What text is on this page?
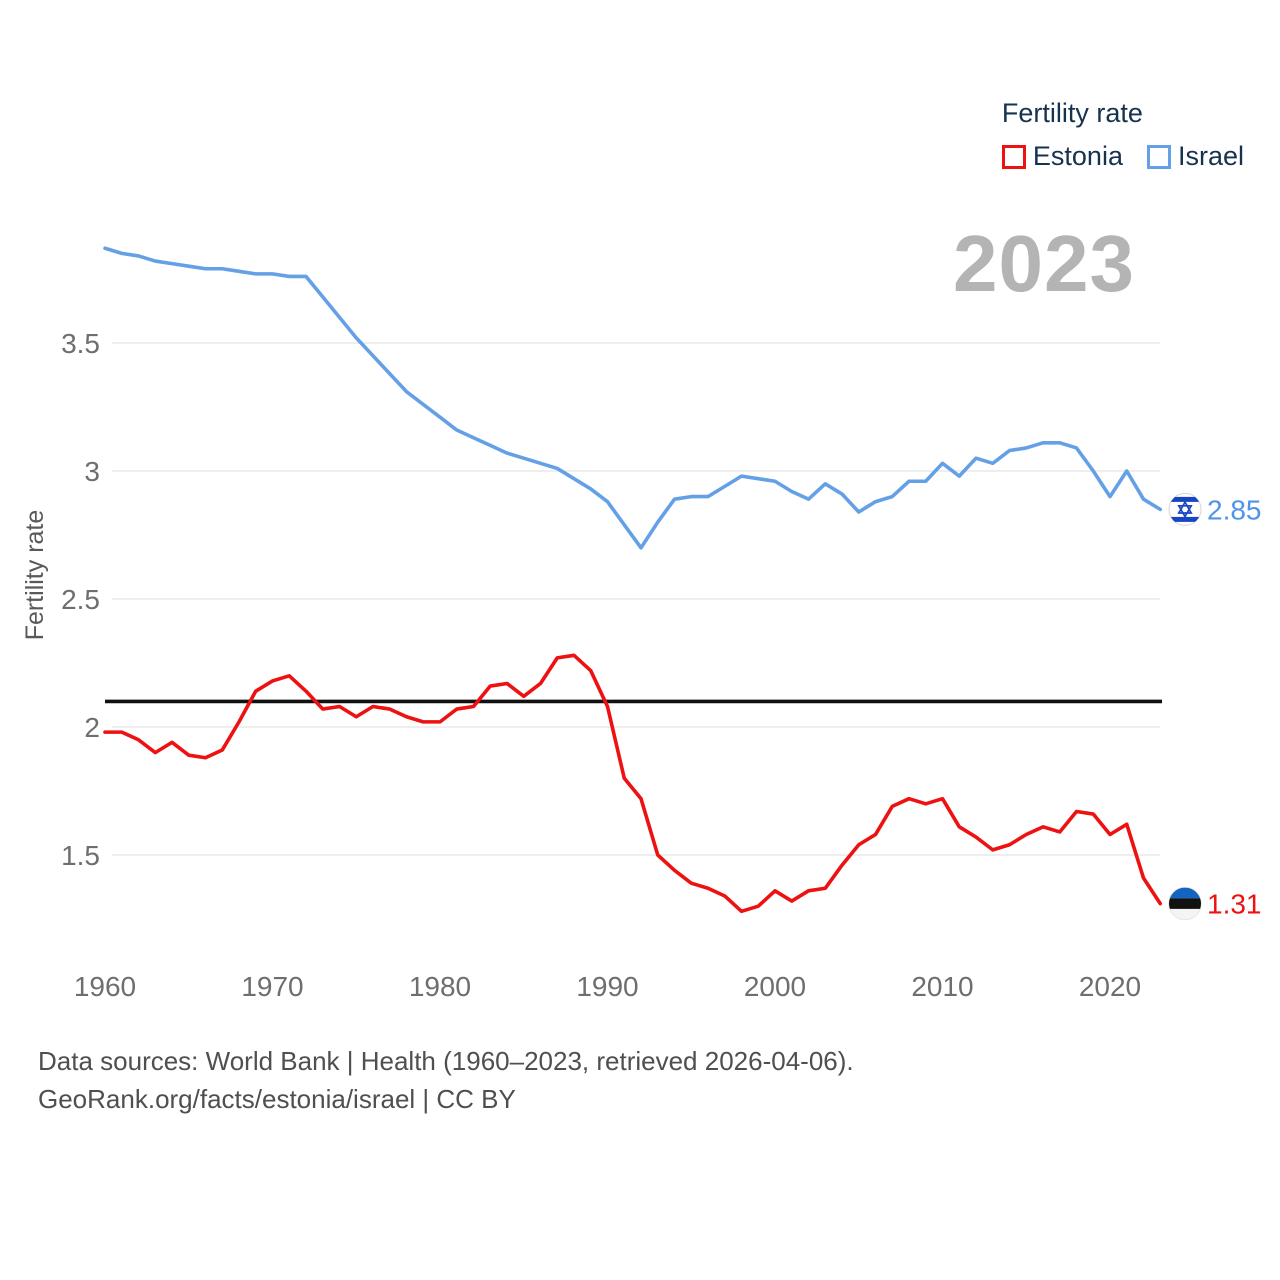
Fertility rate
Estonia Israel
2023
3.5
3
2.5
2
1.5
1960	1970	1980	1990	2000	2010	2020
Fertility rate	2.85
1.31
Data sources: World Bank | Health (1960–2023, retrieved 2026-04-06).
GeoRank.org/facts/estonia/israel | CC BY
